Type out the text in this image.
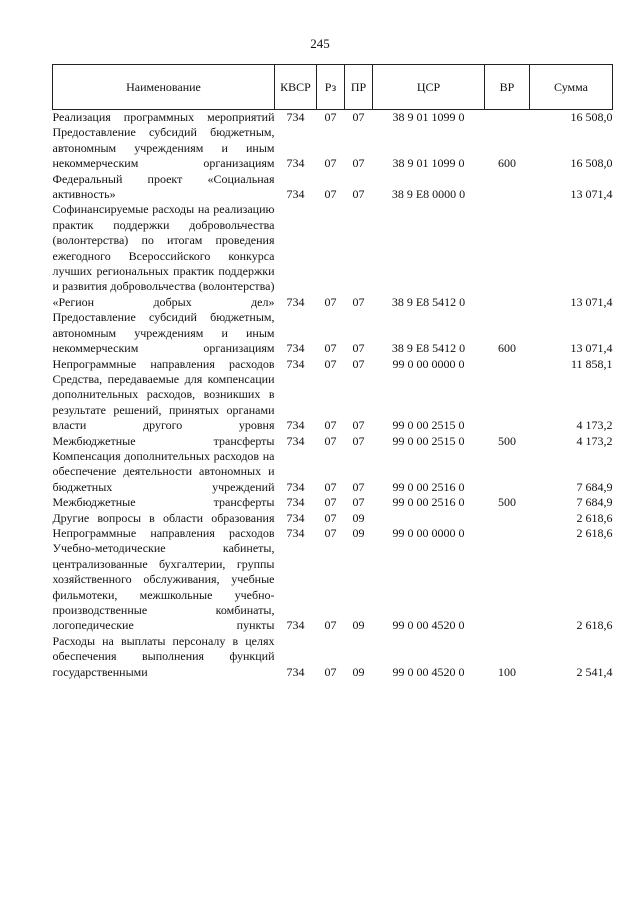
245
Наименование	КВСР	Рз	ПР	ЦСР	ВР	Сумма

Реализация программных мероприятий	734	07	07	38 9 01 1099 0		16 508,0

Предоставление субсидий бюджетным, автономным учреждениям и иным некоммерческим организациям	734	07	07	38 9 01 1099 0	600	16 508,0

Федеральный проект «Социальная активность»	734	07	07	38 9 E8 0000 0		13 071,4

Софинансируемые расходы на реализацию практик поддержки добровольчества (волонтерства) по итогам проведения ежегодного Всероссийского конкурса лучших региональных практик поддержки и развития добровольчества (волонтерства) «Регион добрых дел»	734	07	07	38 9 E8 5412 0		13 071,4

Предоставление субсидий бюджетным, автономным учреждениям и иным некоммерческим организациям	734	07	07	38 9 E8 5412 0	600	13 071,4

Непрограммные направления расходов	734	07	07	99 0 00 0000 0		11 858,1

Средства, передаваемые для компенсации дополнительных расходов, возникших в результате решений, принятых органами власти другого уровня	734	07	07	99 0 00 2515 0		4 173,2

Межбюджетные трансферты	734	07	07	99 0 00 2515 0	500	4 173,2

Компенсация дополнительных расходов на обеспечение деятельности автономных и бюджетных учреждений	734	07	07	99 0 00 2516 0		7 684,9

Межбюджетные трансферты	734	07	07	99 0 00 2516 0	500	7 684,9

Другие вопросы в области образования	734	07	09			2 618,6

Непрограммные направления расходов	734	07	09	99 0 00 0000 0		2 618,6

Учебно-методические кабинеты, централизованные бухгалтерии, группы хозяйственного обслуживания, учебные фильмотеки, межшкольные учебно-производственные комбинаты, логопедические пункты	734	07	09	99 0 00 4520 0		2 618,6

Расходы на выплаты персоналу в целях обеспечения выполнения функций государственными	734	07	09	99 0 00 4520 0	100	2 541,4
